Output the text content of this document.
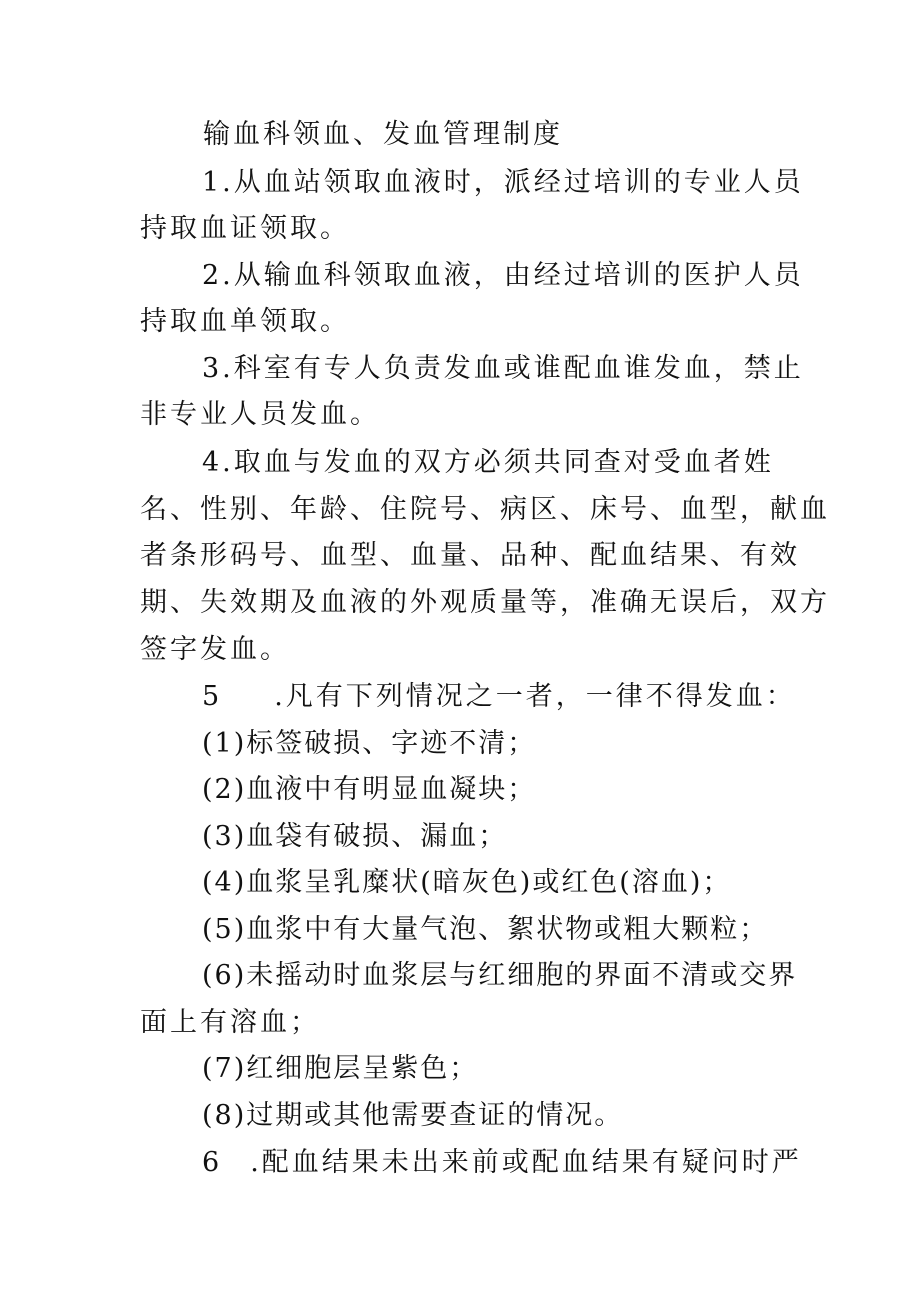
输血科领血、发血管理制度
1.从血站领取血液时，派经过培训的专业人员
持取血证领取。
2.从输血科领取血液，由经过培训的医护人员
持取血单领取。
3.科室有专人负责发血或谁配血谁发血，禁止
非专业人员发血。
4.取血与发血的双方必须共同查对受血者姓
名、性别、年龄、住院号、病区、床号、血型，献血
者条形码号、血型、血量、品种、配血结果、有效
期、失效期及血液的外观质量等，准确无误后，双方
签字发血。
5 .凡有下列情况之一者，一律不得发血：
(1)标签破损、字迹不清；
(2)血液中有明显血凝块；
(3)血袋有破损、漏血；
(4)血浆呈乳糜状(暗灰色)或红色(溶血)；
(5)血浆中有大量气泡、絮状物或粗大颗粒；
(6)未摇动时血浆层与红细胞的界面不清或交界
面上有溶血；
(7)红细胞层呈紫色；
(8)过期或其他需要查证的情况。
6 .配血结果未出来前或配血结果有疑问时严
